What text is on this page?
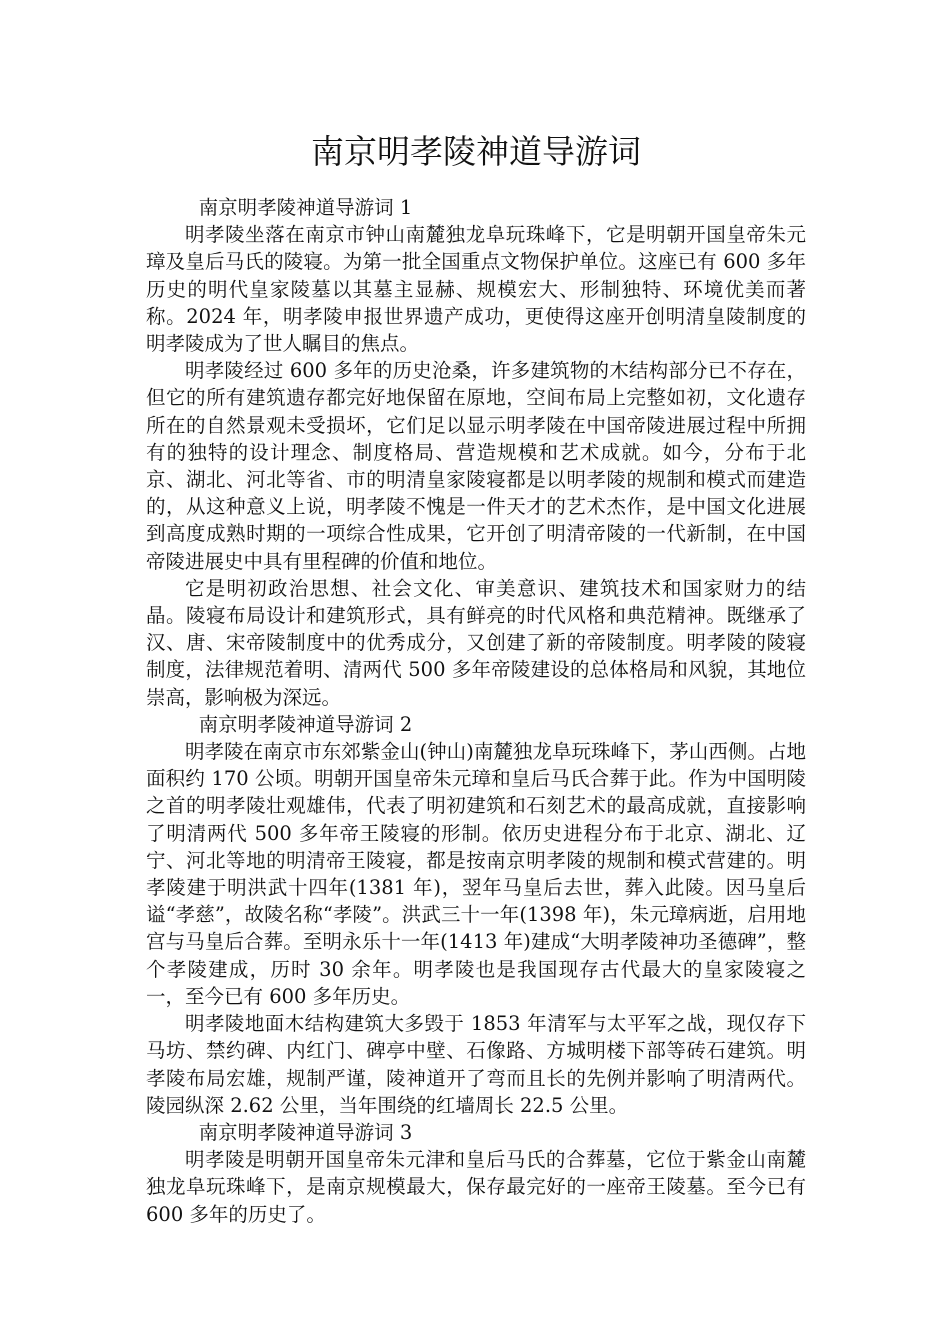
南京明孝陵神道导游词

南京明孝陵神道导游词 1

明孝陵坐落在南京市钟山南麓独龙阜玩珠峰下，它是明朝开国皇帝朱元璋及皇后马氏的陵寝。为第一批全国重点文物保护单位。这座已有 600 多年历史的明代皇家陵墓以其墓主显赫、规模宏大、形制独特、环境优美而著称。2024 年，明孝陵申报世界遗产成功，更使得这座开创明清皇陵制度的明孝陵成为了世人瞩目的焦点。

明孝陵经过 600 多年的历史沧桑，许多建筑物的木结构部分已不存在，但它的所有建筑遗存都完好地保留在原地，空间布局上完整如初，文化遗存所在的自然景观未受损坏，它们足以显示明孝陵在中国帝陵进展过程中所拥有的独特的设计理念、制度格局、营造规模和艺术成就。如今，分布于北京、湖北、河北等省、市的明清皇家陵寝都是以明孝陵的规制和模式而建造的，从这种意义上说，明孝陵不愧是一件天才的艺术杰作，是中国文化进展到高度成熟时期的一项综合性成果，它开创了明清帝陵的一代新制，在中国帝陵进展史中具有里程碑的价值和地位。

它是明初政治思想、社会文化、审美意识、建筑技术和国家财力的结晶。陵寝布局设计和建筑形式，具有鲜亮的时代风格和典范精神。既继承了汉、唐、宋帝陵制度中的优秀成分，又创建了新的帝陵制度。明孝陵的陵寝制度，法律规范着明、清两代 500 多年帝陵建设的总体格局和风貌，其地位崇高，影响极为深远。

南京明孝陵神道导游词 2

明孝陵在南京市东郊紫金山(钟山)南麓独龙阜玩珠峰下，茅山西侧。占地面积约 170 公顷。明朝开国皇帝朱元璋和皇后马氏合葬于此。作为中国明陵之首的明孝陵壮观雄伟，代表了明初建筑和石刻艺术的最高成就，直接影响了明清两代 500 多年帝王陵寝的形制。依历史进程分布于北京、湖北、辽宁、河北等地的明清帝王陵寝，都是按南京明孝陵的规制和模式营建的。明孝陵建于明洪武十四年(1381 年)，翌年马皇后去世，葬入此陵。因马皇后谥“孝慈”，故陵名称“孝陵”。洪武三十一年(1398 年)，朱元璋病逝，启用地宫与马皇后合葬。至明永乐十一年(1413 年)建成“大明孝陵神功圣德碑”，整个孝陵建成，历时 30 余年。明孝陵也是我国现存古代最大的皇家陵寝之一，至今已有 600 多年历史。

明孝陵地面木结构建筑大多毁于 1853 年清军与太平军之战，现仅存下马坊、禁约碑、内红门、碑亭中壁、石像路、方城明楼下部等砖石建筑。明孝陵布局宏雄，规制严谨，陵神道开了弯而且长的先例并影响了明清两代。陵园纵深 2.62 公里，当年围绕的红墙周长 22.5 公里。

南京明孝陵神道导游词 3

明孝陵是明朝开国皇帝朱元津和皇后马氏的合葬墓，它位于紫金山南麓独龙阜玩珠峰下，是南京规模最大，保存最完好的一座帝王陵墓。至今已有 600 多年的历史了。
